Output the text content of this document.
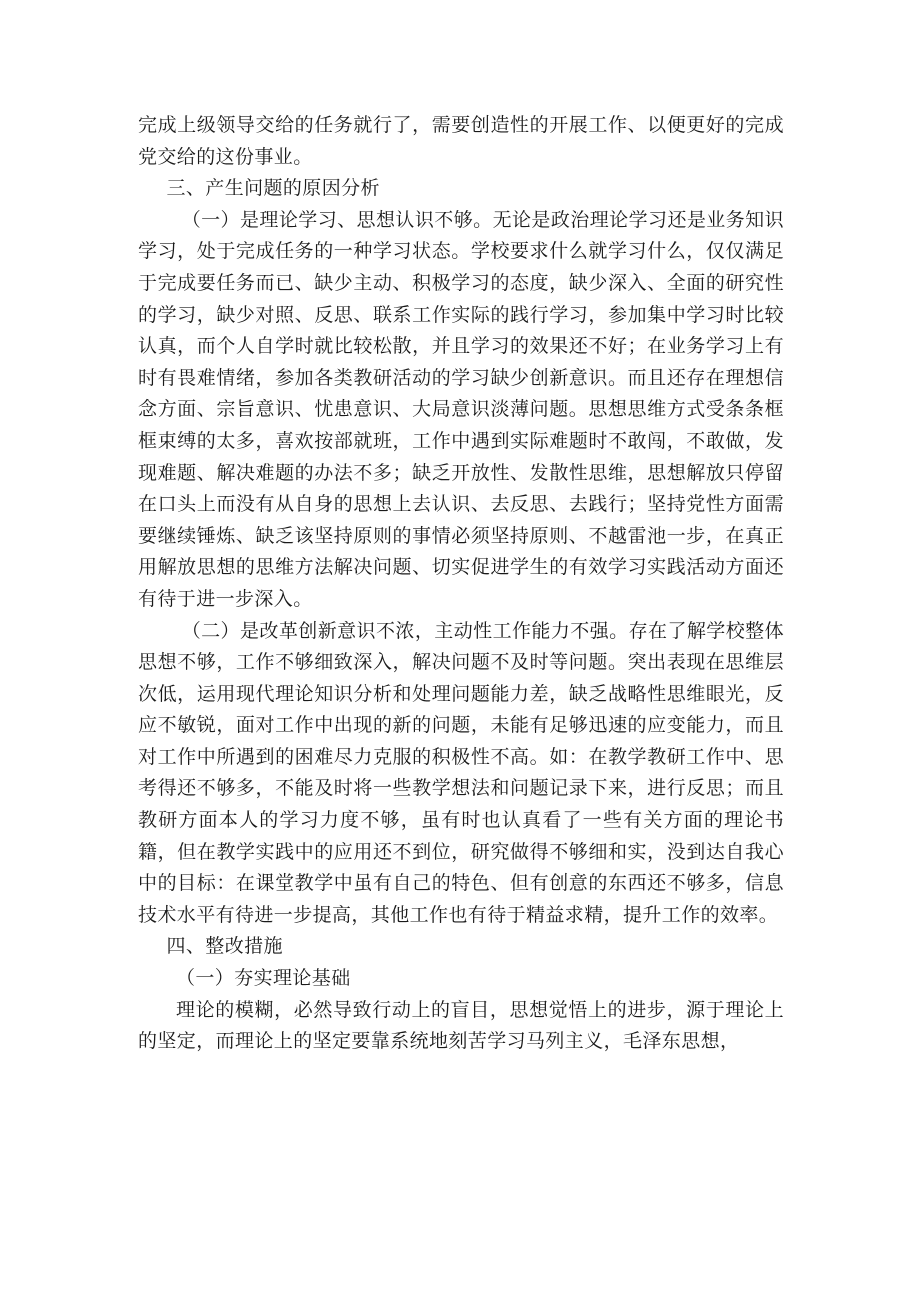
完成上级领导交给的任务就行了，需要创造性的开展工作、以便更好的完成党交给的这份事业。

三、产生问题的原因分析

（一）是理论学习、思想认识不够。无论是政治理论学习还是业务知识学习，处于完成任务的一种学习状态。学校要求什么就学习什么，仅仅满足于完成要任务而已、缺少主动、积极学习的态度，缺少深入、全面的研究性的学习，缺少对照、反思、联系工作实际的践行学习，参加集中学习时比较认真，而个人自学时就比较松散，并且学习的效果还不好；在业务学习上有时有畏难情绪，参加各类教研活动的学习缺少创新意识。而且还存在理想信念方面、宗旨意识、忧患意识、大局意识淡薄问题。思想思维方式受条条框框束缚的太多，喜欢按部就班，工作中遇到实际难题时不敢闯，不敢做，发现难题、解决难题的办法不多；缺乏开放性、发散性思维，思想解放只停留在口头上而没有从自身的思想上去认识、去反思、去践行；坚持党性方面需要继续锤炼、缺乏该坚持原则的事情必须坚持原则、不越雷池一步，在真正用解放思想的思维方法解决问题、切实促进学生的有效学习实践活动方面还有待于进一步深入。

（二）是改革创新意识不浓，主动性工作能力不强。存在了解学校整体思想不够，工作不够细致深入，解决问题不及时等问题。突出表现在思维层次低，运用现代理论知识分析和处理问题能力差，缺乏战略性思维眼光，反应不敏锐，面对工作中出现的新的问题，未能有足够迅速的应变能力，而且对工作中所遇到的困难尽力克服的积极性不高。如：在教学教研工作中、思考得还不够多，不能及时将一些教学想法和问题记录下来，进行反思；而且教研方面本人的学习力度不够，虽有时也认真看了一些有关方面的理论书籍，但在教学实践中的应用还不到位，研究做得不够细和实，没到达自我心中的目标：在课堂教学中虽有自己的特色、但有创意的东西还不够多，信息技术水平有待进一步提高，其他工作也有待于精益求精，提升工作的效率。

四、整改措施

（一）夯实理论基础

理论的模糊，必然导致行动上的盲目，思想觉悟上的进步，源于理论上的坚定，而理论上的坚定要靠系统地刻苦学习马列主义，毛泽东思想，
